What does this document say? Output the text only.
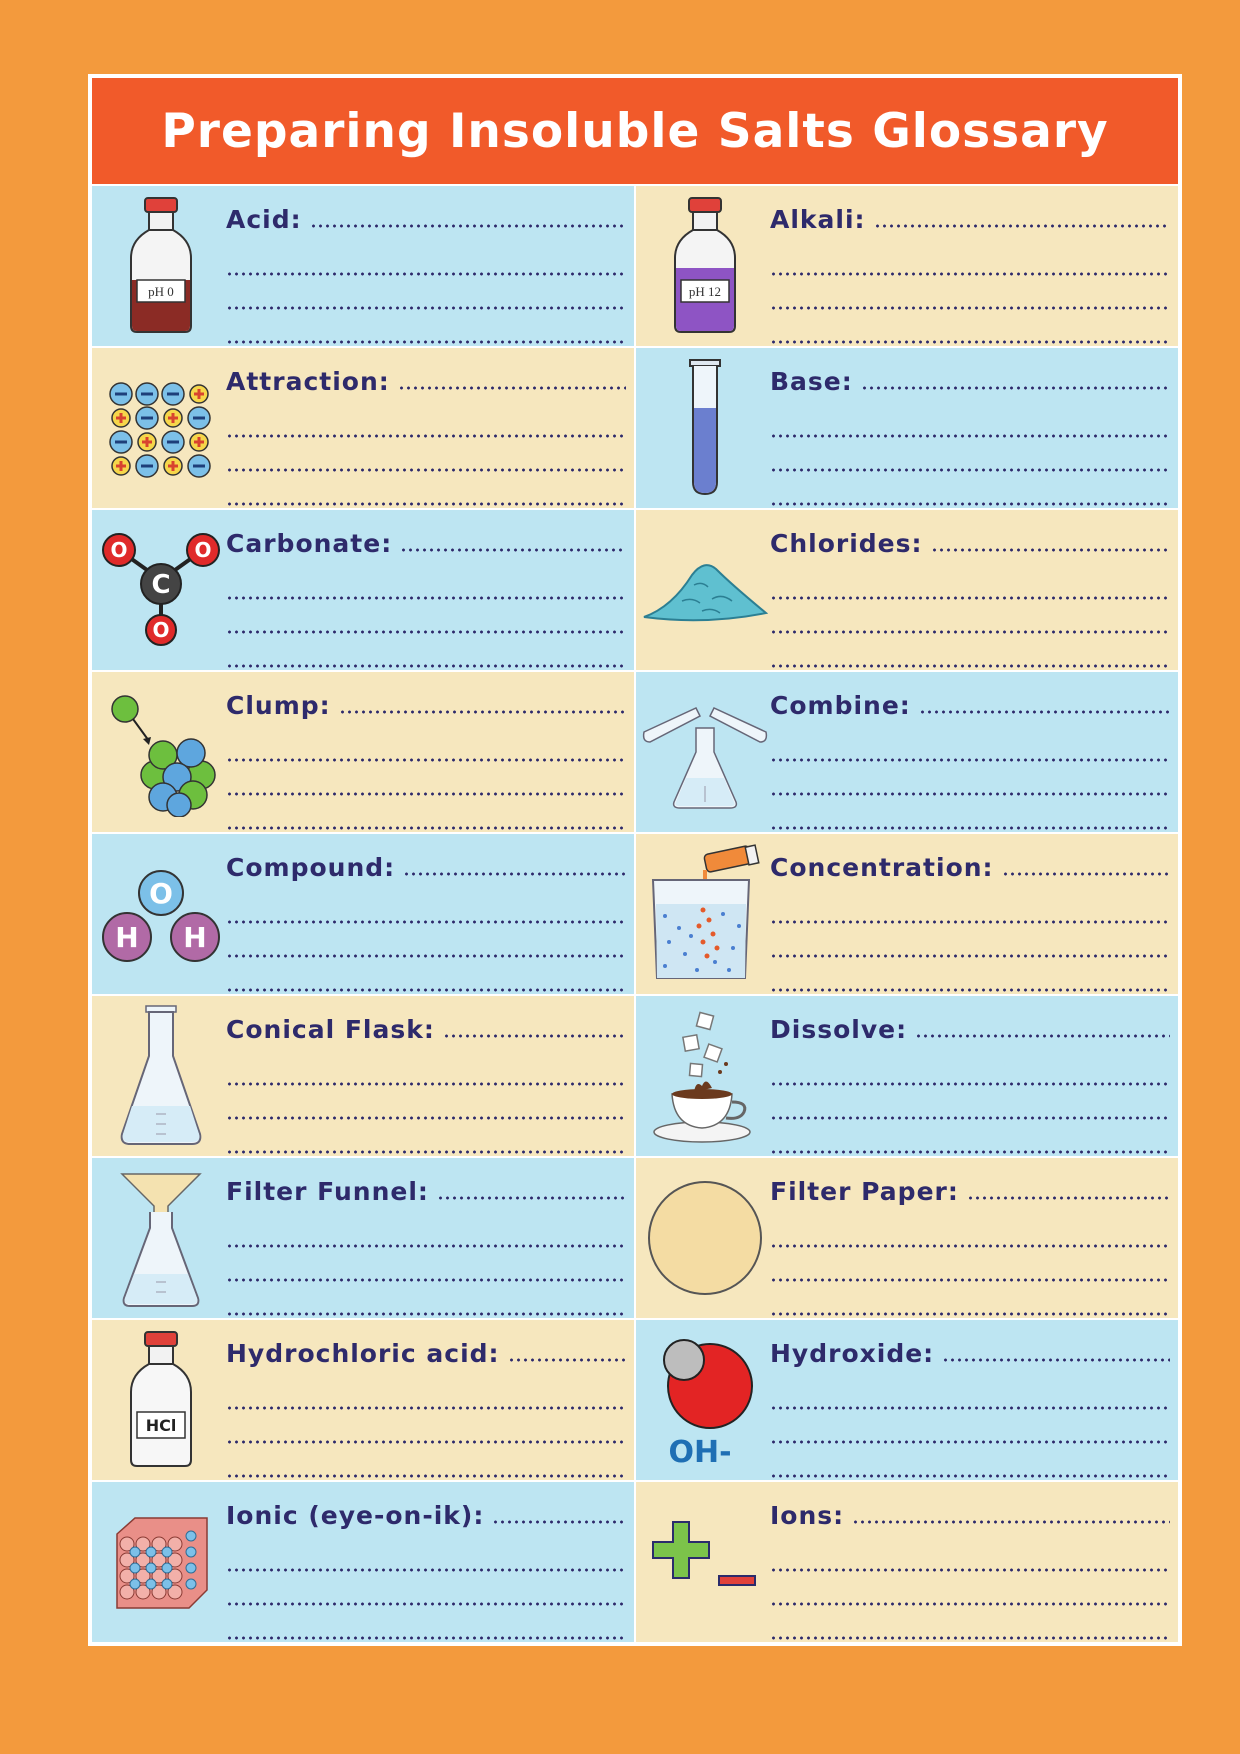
Preparing Insoluble Salts Glossary
pH 0
Acid:
pH 12
Alkali:
Attraction:	Base:
O	O
C
O
Carbonate:	Chlorides:
Clump:	Combine:
O
H H
Compound:	Concentration:
Conical Flask:	Dissolve:
Filter Funnel:	Filter Paper:
HCl
Hydrochloric acid:
OH-
Hydroxide:
Ionic (eye-on-ik):	Ions:
